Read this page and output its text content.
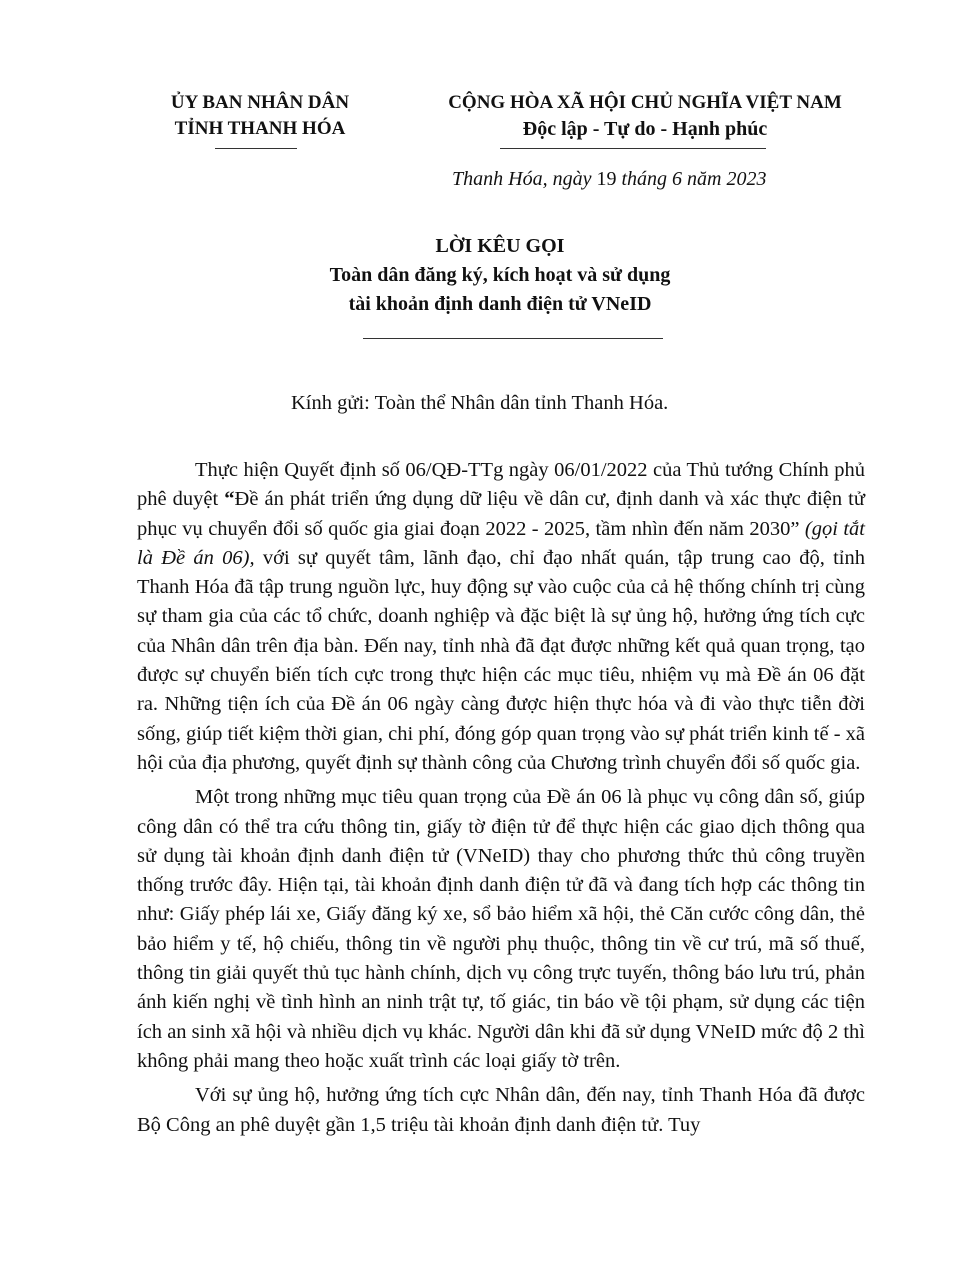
ỦY BAN NHÂN DÂN
TỈNH THANH HÓA
CỘNG HÒA XÃ HỘI CHỦ NGHĨA VIỆT NAM
Độc lập - Tự do - Hạnh phúc
Thanh Hóa, ngày 19 tháng 6 năm 2023
LỜI KÊU GỌI
Toàn dân đăng ký, kích hoạt và sử dụng
tài khoản định danh điện tử VNeID
Kính gửi: Toàn thể Nhân dân tỉnh Thanh Hóa.

Thực hiện Quyết định số 06/QĐ-TTg ngày 06/01/2022 của Thủ tướng Chính phủ phê duyệt “Đề án phát triển ứng dụng dữ liệu về dân cư, định danh và xác thực điện tử phục vụ chuyển đổi số quốc gia giai đoạn 2022 - 2025, tầm nhìn đến năm 2030” (gọi tắt là Đề án 06), với sự quyết tâm, lãnh đạo, chỉ đạo nhất quán, tập trung cao độ, tỉnh Thanh Hóa đã tập trung nguồn lực, huy động sự vào cuộc của cả hệ thống chính trị cùng sự tham gia của các tổ chức, doanh nghiệp và đặc biệt là sự ủng hộ, hưởng ứng tích cực của Nhân dân trên địa bàn. Đến nay, tỉnh nhà đã đạt được những kết quả quan trọng, tạo được sự chuyển biến tích cực trong thực hiện các mục tiêu, nhiệm vụ mà Đề án 06 đặt ra. Những tiện ích của Đề án 06 ngày càng được hiện thực hóa và đi vào thực tiễn đời sống, giúp tiết kiệm thời gian, chi phí, đóng góp quan trọng vào sự phát triển kinh tế - xã hội của địa phương, quyết định sự thành công của Chương trình chuyển đổi số quốc gia.

Một trong những mục tiêu quan trọng của Đề án 06 là phục vụ công dân số, giúp công dân có thể tra cứu thông tin, giấy tờ điện tử để thực hiện các giao dịch thông qua sử dụng tài khoản định danh điện tử (VNeID) thay cho phương thức thủ công truyền thống trước đây. Hiện tại, tài khoản định danh điện tử đã và đang tích hợp các thông tin như: Giấy phép lái xe, Giấy đăng ký xe, sổ bảo hiểm xã hội, thẻ Căn cước công dân, thẻ bảo hiểm y tế, hộ chiếu, thông tin về người phụ thuộc, thông tin về cư trú, mã số thuế, thông tin giải quyết thủ tục hành chính, dịch vụ công trực tuyến, thông báo lưu trú, phản ánh kiến nghị về tình hình an ninh trật tự, tố giác, tin báo về tội phạm, sử dụng các tiện ích an sinh xã hội và nhiều dịch vụ khác. Người dân khi đã sử dụng VNeID mức độ 2 thì không phải mang theo hoặc xuất trình các loại giấy tờ trên.

Với sự ủng hộ, hưởng ứng tích cực Nhân dân, đến nay, tỉnh Thanh Hóa đã được Bộ Công an phê duyệt gần 1,5 triệu tài khoản định danh điện tử. Tuy
